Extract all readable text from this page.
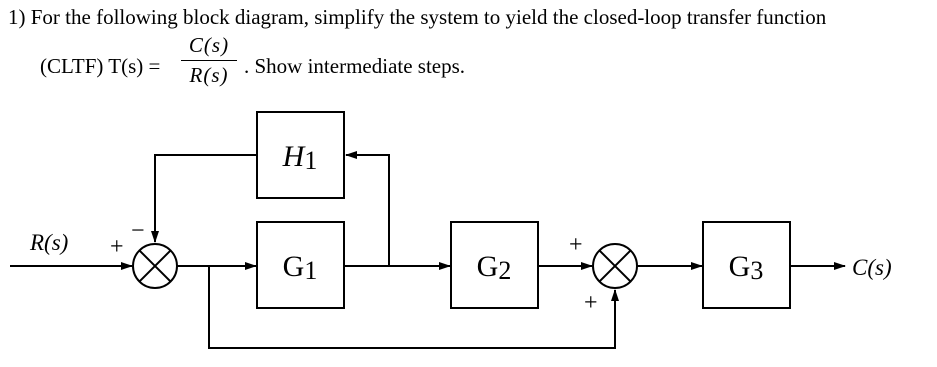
1) For the following block diagram, simplify the system to yield the closed-loop transfer function
(CLTF) T(s) =
C(s)
R(s) . Show intermediate steps.
H1
G1	G2	G3
R(s)
C(s)
−
+	+
+
